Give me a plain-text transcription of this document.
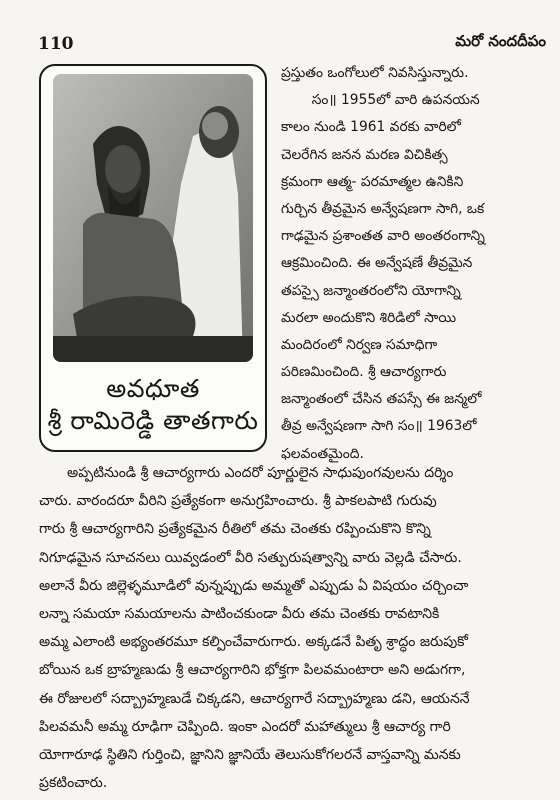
110	మరో నందదీపం
అవధూత
శ్రీ రామిరెడ్డి తాతగారు
ప్రస్తుతం ఒంగోలులో నివసిస్తున్నారు.
సం॥ 1955లో వారి ఉపనయన
కాలం నుండి 1961 వరకు వారిలో
చెలరేగిన జనన మరణ విచికిత్స
క్రమంగా ఆత్మ- పరమాత్మల ఉనికిని
గుర్చిన తీవ్రమైన అన్వేషణగా సాగి, ఒక
గాఢమైన ప్రశాంతత వారి అంతరంగాన్ని
ఆక్రమించింది. ఈ అన్వేషణే తీవ్రమైన
తపస్సై జన్మాంతరంలోని యోగాన్ని
మరలా అందుకొని శిరిడిలో సాయి
మందిరంలో నిర్వణ సమాధిగా
పరిణమించింది. శ్రీ ఆచార్యగారు
జన్మాంతంలో చేసిన తపస్సే ఈ జన్మలో
తీవ్ర అన్వేషణగా సాగి సం॥ 1963లో
ఫలవంతమైంది.
అప్పటినుండి శ్రీ ఆచార్యగారు ఎందరో పూర్ణులైన సాధుపుంగవులను దర్శిం
చారు. వారందరూ వీరిని ప్రత్యేకంగా అనుగ్రహించారు. శ్రీ పాకలపాటి గురువు
గారు శ్రీ ఆచార్యగారిని ప్రత్యేకమైన రీతిలో తమ చెంతకు రప్పించుకొని కొన్ని
నిగూఢమైన సూచనలు యివ్వడంలో వీరి సత్పురుషత్వాన్ని వారు వెల్లడి చేసారు.
అలానే వీరు జిల్లెళ్ళమూడిలో వున్నప్పుడు అమ్మతో ఎప్పుడు ఏ విషయం చర్చించా
లన్నా సమయా సమయాలను పాటించకుండా వీరు తమ చెంతకు రావటానికి
అమ్మ ఎలాంటి అభ్యంతరమూ కల్పించేవారుగారు. అక్కడనే పితృ శ్రాద్ధం జరుపుకో
బోయిన ఒక బ్రాహ్మణుడు శ్రీ ఆచార్యగారిని భోక్తగా పిలవమంటారా అని అడుగగా,
ఈ రోజులలో సద్బ్రాహ్మణుడే చిక్కడని, ఆచార్యగారే సద్బ్రాహ్మణు డని, ఆయననే
పిలవమనీ అమ్మ రూఢిగా చెప్పింది. ఇంకా ఎందరో మహాత్ములు శ్రీ ఆచార్య గారి
యోగారూఢ స్థితిని గుర్తించి, జ్ఞానిని జ్ఞానియే తెలుసుకోగలరనే వాస్తవాన్ని మనకు
ప్రకటించారు.
